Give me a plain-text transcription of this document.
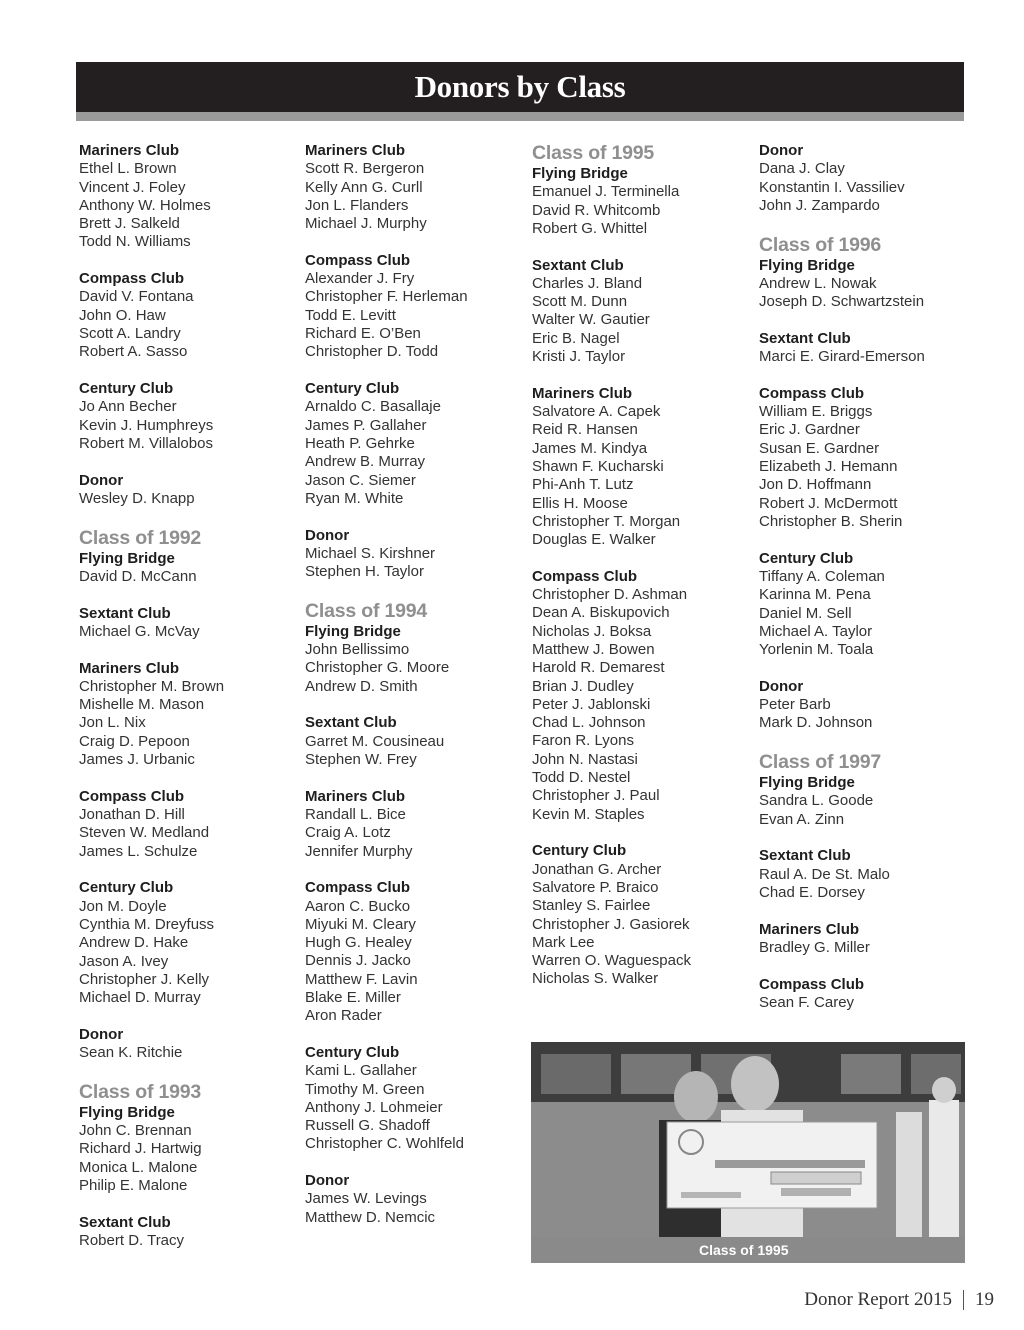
Donors by Class
Mariners Club
Ethel L. Brown
Vincent J. Foley
Anthony W. Holmes
Brett J. Salkeld
Todd N. Williams
Compass Club
David V. Fontana
John O. Haw
Scott A. Landry
Robert A. Sasso
Century Club
Jo Ann Becher
Kevin J. Humphreys
Robert M. Villalobos
Donor
Wesley D. Knapp
Class of 1992
Flying Bridge
David D. McCann
Sextant Club
Michael G. McVay
Mariners Club
Christopher M. Brown
Mishelle M. Mason
Jon L. Nix
Craig D. Pepoon
James J. Urbanic
Compass Club
Jonathan D. Hill
Steven W. Medland
James L. Schulze
Century Club
Jon M. Doyle
Cynthia M. Dreyfuss
Andrew D. Hake
Jason A. Ivey
Christopher J. Kelly
Michael D. Murray
Donor
Sean K. Ritchie
Class of 1993
Flying Bridge
John C. Brennan
Richard J. Hartwig
Monica L. Malone
Philip E. Malone
Sextant Club
Robert D. Tracy
Mariners Club
Scott R. Bergeron
Kelly Ann G. Curll
Jon L. Flanders
Michael J. Murphy
Compass Club
Alexander J. Fry
Christopher F. Herleman
Todd E. Levitt
Richard E. O’Ben
Christopher D. Todd
Century Club
Arnaldo C. Basallaje
James P. Gallaher
Heath P. Gehrke
Andrew B. Murray
Jason C. Siemer
Ryan M. White
Donor
Michael S. Kirshner
Stephen H. Taylor
Class of 1994
Flying Bridge
John Bellissimo
Christopher G. Moore
Andrew D. Smith
Sextant Club
Garret M. Cousineau
Stephen W. Frey
Mariners Club
Randall L. Bice
Craig A. Lotz
Jennifer Murphy
Compass Club
Aaron C. Bucko
Miyuki M. Cleary
Hugh G. Healey
Dennis J. Jacko
Matthew F. Lavin
Blake E. Miller
Aron Rader
Century Club
Kami L. Gallaher
Timothy M. Green
Anthony J. Lohmeier
Russell G. Shadoff
Christopher C. Wohlfeld
Donor
James W. Levings
Matthew D. Nemcic
Class of 1995
Flying Bridge
Emanuel J. Terminella
David R. Whitcomb
Robert G. Whittel
Sextant Club
Charles J. Bland
Scott M. Dunn
Walter W. Gautier
Eric B. Nagel
Kristi J. Taylor
Mariners Club
Salvatore A. Capek
Reid R. Hansen
James M. Kindya
Shawn F. Kucharski
Phi-Anh T. Lutz
Ellis H. Moose
Christopher T. Morgan
Douglas E. Walker
Compass Club
Christopher D. Ashman
Dean A. Biskupovich
Nicholas J. Boksa
Matthew J. Bowen
Harold R. Demarest
Brian J. Dudley
Peter J. Jablonski
Chad L. Johnson
Faron R. Lyons
John N. Nastasi
Todd D. Nestel
Christopher J. Paul
Kevin M. Staples
Century Club
Jonathan G. Archer
Salvatore P. Braico
Stanley S. Fairlee
Christopher J. Gasiorek
Mark Lee
Warren O. Waguespack
Nicholas S. Walker
Donor
Dana J. Clay
Konstantin I. Vassiliev
John J. Zampardo
Class of 1996
Flying Bridge
Andrew L. Nowak
Joseph D. Schwartzstein
Sextant Club
Marci E. Girard-Emerson
Compass Club
William E. Briggs
Eric J. Gardner
Susan E. Gardner
Elizabeth J. Hemann
Jon D. Hoffmann
Robert J. McDermott
Christopher B. Sherin
Century Club
Tiffany A. Coleman
Karinna M. Pena
Daniel M. Sell
Michael A. Taylor
Yorlenin M. Toala
Donor
Peter Barb
Mark D. Johnson
Class of 1997
Flying Bridge
Sandra L. Goode
Evan A. Zinn
Sextant Club
Raul A. De St. Malo
Chad E. Dorsey
Mariners Club
Bradley G. Miller
Compass Club
Sean F. Carey
Class of 1995
Donor Report 2015 19
